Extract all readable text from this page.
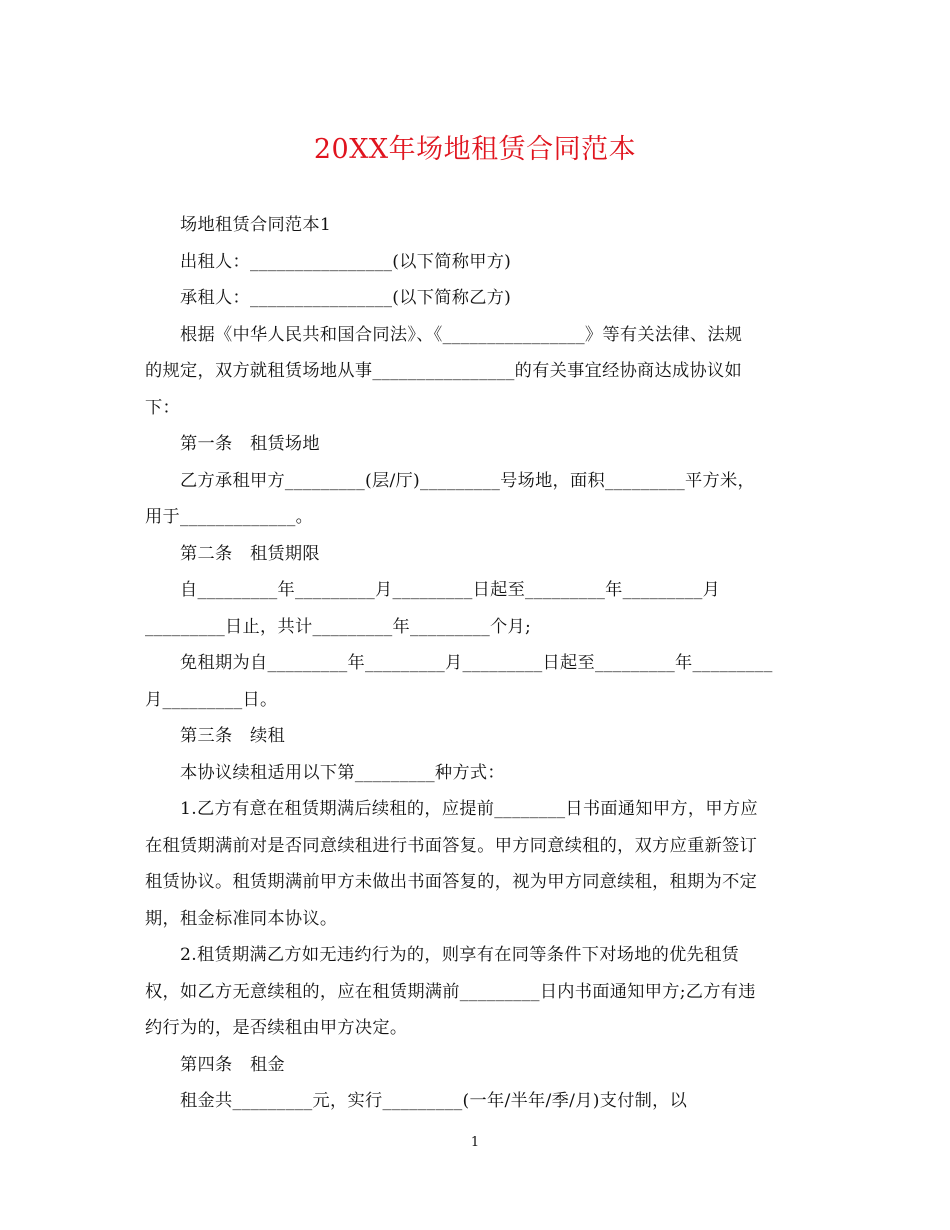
20XX年场地租赁合同范本

场地租赁合同范本1

出租人：________________(以下简称甲方)

承租人：________________(以下简称乙方)

根据《中华人民共和国合同法》、《________________》等有关法律、法规
的规定，双方就租赁场地从事________________的有关事宜经协商达成协议如
下：

第一条　租赁场地

乙方承租甲方_________(层/厅)_________号场地，面积_________平方米，
用于_____________。

第二条　租赁期限

自_________年_________月_________日起至_________年_________月
_________日止，共计_________年_________个月;

免租期为自_________年_________月_________日起至_________年_________
月_________日。

第三条　续租

本协议续租适用以下第_________种方式：

1.乙方有意在租赁期满后续租的，应提前________日书面通知甲方，甲方应
在租赁期满前对是否同意续租进行书面答复。甲方同意续租的，双方应重新签订
租赁协议。租赁期满前甲方未做出书面答复的，视为甲方同意续租，租期为不定
期，租金标准同本协议。

2.租赁期满乙方如无违约行为的，则享有在同等条件下对场地的优先租赁
权，如乙方无意续租的，应在租赁期满前_________日内书面通知甲方;乙方有违
约行为的，是否续租由甲方决定。

第四条　租金

租金共_________元，实行_________(一年/半年/季/月)支付制，以

1
